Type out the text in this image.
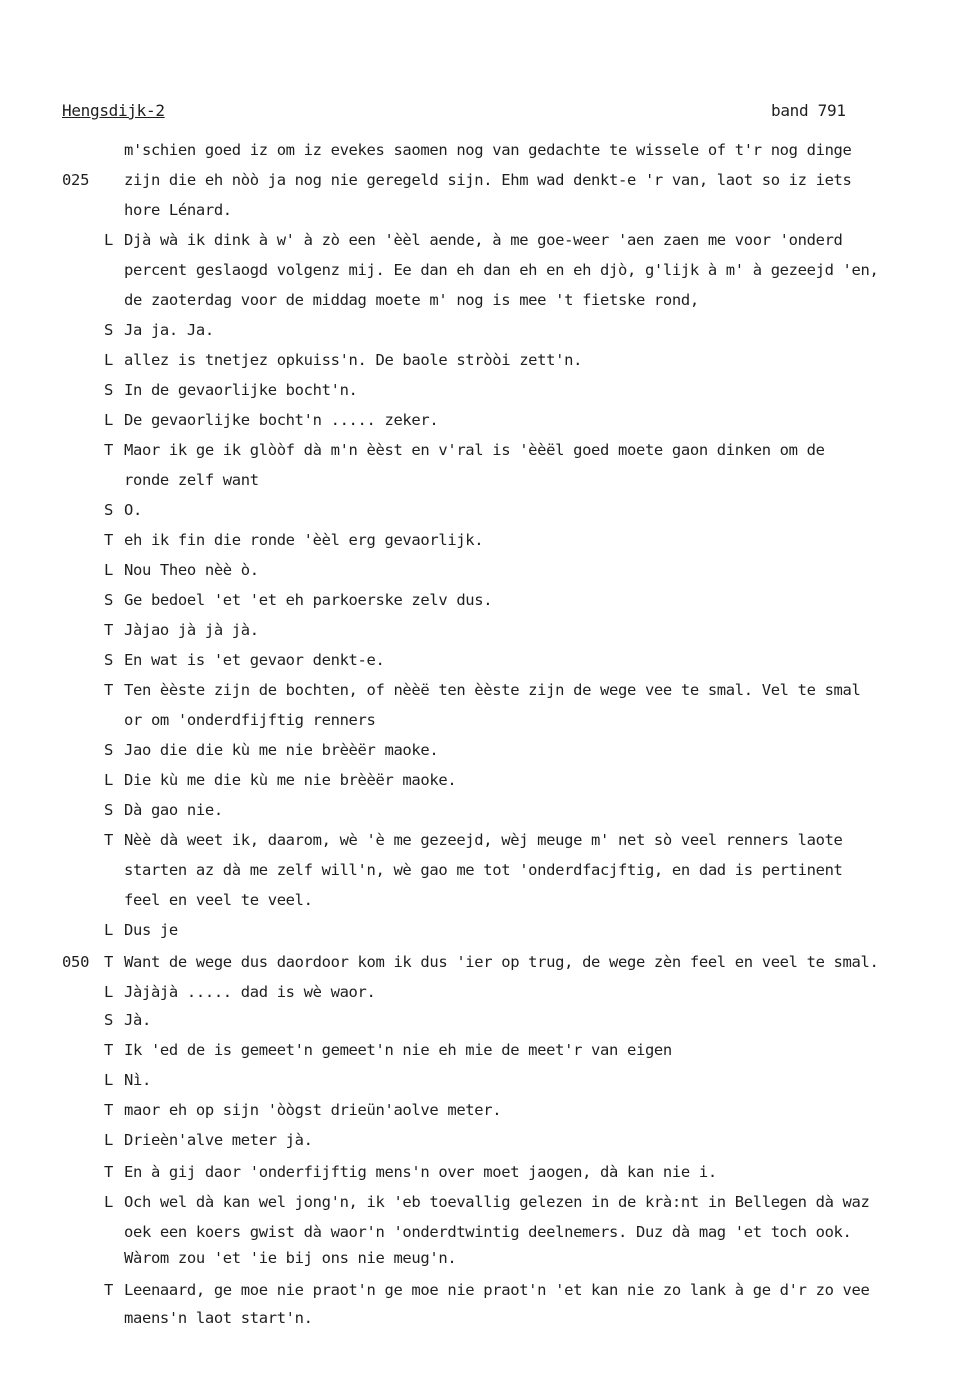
Hengsdijk-2	band 791
m'schien goed iz om iz evekes saomen nog van gedachte te wissele of t'r nog dinge
025 zijn die eh nòò ja nog nie geregeld sijn. Ehm wad denkt-e 'r van, laot so iz iets
hore Lénard.
L Djà wà ik dink à w' à zò een 'èèl aende, à me goe-weer 'aen zaen me voor 'onderd
percent geslaogd volgenz mij. Ee dan eh dan eh en eh djò, g'lijk à m' à gezeejd 'en,
de zaoterdag voor de middag moete m' nog is mee 't fietske rond,
S Ja ja. Ja.
L allez is tnetjez opkuiss'n. De baole stròòi zett'n.
S In de gevaorlijke bocht'n.
L De gevaorlijke bocht'n ..... zeker.
T Maor ik ge ik glòòf dà m'n èèst en v'ral is 'èèël goed moete gaon dinken om de
ronde zelf want
S O.
T eh ik fin die ronde 'èèl erg gevaorlijk.
L Nou Theo nèè ò.
S Ge bedoel 'et 'et eh parkoerske zelv dus.
T Jàjao jà jà jà.
S En wat is 'et gevaor denkt-e.
T Ten èèste zijn de bochten, of nèèë ten èèste zijn de wege vee te smal. Vel te smal
or om 'onderdfijftig renners
S Jao die die kù me nie brèèër maoke.
L Die kù me die kù me nie brèèër maoke.
S Dà gao nie.
T Nèè dà weet ik, daarom, wè 'è me gezeejd, wèj meuge m' net sò veel renners laote
starten az dà me zelf will'n, wè gao me tot 'onderdfacjftig, en dad is pertinent
feel en veel te veel.
L Dus je
050 T Want de wege dus daordoor kom ik dus 'ier op trug, de wege zèn feel en veel te smal.
L Jàjàjà ..... dad is wè waor.
S Jà.
T Ik 'ed de is gemeet'n gemeet'n nie eh mie de meet'r van eigen
L Nì.
T maor eh op sijn 'òògst drieün'aolve meter.
L Drieèn'alve meter jà.
T En à gij daor 'onderfijftig mens'n over moet jaogen, dà kan nie i.
L Och wel dà kan wel jong'n, ik 'eb toevallig gelezen in de krà:nt in Bellegen dà waz
oek een koers gwist dà waor'n 'onderdtwintig deelnemers. Duz dà mag 'et toch ook.
Wàrom zou 'et 'ie bij ons nie meug'n.
T Leenaard, ge moe nie praot'n ge moe nie praot'n 'et kan nie zo lank à ge d'r zo vee
maens'n laot start'n.
